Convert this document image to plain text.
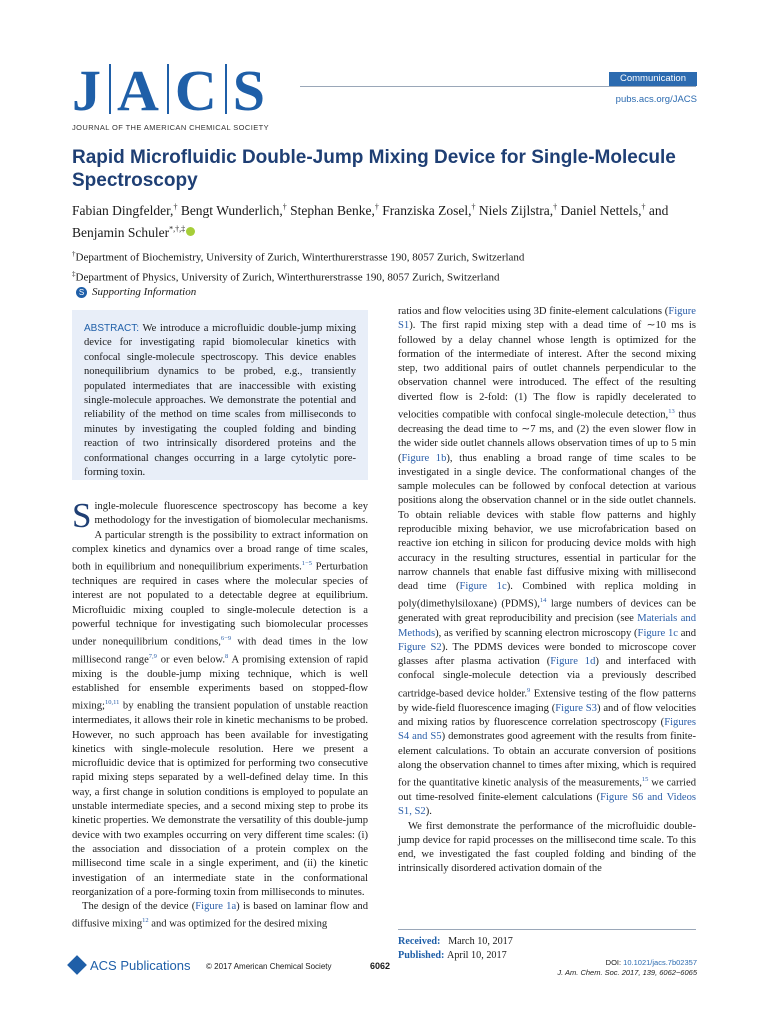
J A C S
JOURNAL OF THE AMERICAN CHEMICAL SOCIETY
Communication
pubs.acs.org/JACS
Rapid Microfluidic Double-Jump Mixing Device for Single-Molecule Spectroscopy
Fabian Dingfelder,† Bengt Wunderlich,† Stephan Benke,† Franziska Zosel,† Niels Zijlstra,† Daniel Nettels,† and Benjamin Schuler*,†,‡
†Department of Biochemistry, University of Zurich, Winterthurerstrasse 190, 8057 Zurich, Switzerland
‡Department of Physics, University of Zurich, Winterthurerstrasse 190, 8057 Zurich, Switzerland
S Supporting Information
ABSTRACT: We introduce a microfluidic double-jump mixing device for investigating rapid biomolecular kinetics with confocal single-molecule spectroscopy. This device enables nonequilibrium dynamics to be probed, e.g., transiently populated intermediates that are inaccessible with existing single-molecule approaches. We demonstrate the potential and reliability of the method on time scales from milliseconds to minutes by investigating the coupled folding and binding reaction of two intrinsically disordered proteins and the conformational changes occurring in a large cytolytic pore-forming toxin.

Single-molecule fluorescence spectroscopy has become a key methodology for the investigation of biomolecular mechanisms. A particular strength is the possibility to extract information on complex kinetics and dynamics over a broad range of time scales, both in equilibrium and nonequilibrium experiments.$^{1-5}$ Perturbation techniques are required in cases where the molecular species of interest are not populated to a detectable degree at equilibrium. Microfluidic mixing coupled to single-molecule detection is a powerful technique for investigating such biomolecular processes under nonequilibrium conditions,$^{6-9}$ with dead times in the low millisecond range$^{7,9}$ or even below.$^8$ A promising extension of rapid mixing is the double-jump mixing technique, which is well established for ensemble experiments based on stopped-flow mixing;$^{10,11}$ by enabling the transient population of unstable reaction intermediates, it allows their role in kinetic mechanisms to be probed. However, no such approach has been available for investigating kinetics with single-molecule resolution. Here we present a microfluidic device that is optimized for performing two consecutive rapid mixing steps separated by a well-defined delay time. In this way, a first change in solution conditions is employed to populate an unstable intermediate species, and a second mixing step to probe its kinetic properties. We demonstrate the versatility of this double-jump device with two examples occurring on very different time scales: (i) the association and dissociation of a protein complex on the millisecond time scale in a single experiment, and (ii) the kinetic investigation of an intermediate state in the conformational reorganization of a pore-forming toxin from milliseconds to minutes.

The design of the device (Figure 1a) is based on laminar flow and diffusive mixing$^{12}$ and was optimized for the desired mixing

ratios and flow velocities using 3D finite-element calculations (Figure S1). The first rapid mixing step with a dead time of ∼10 ms is followed by a delay channel whose length is optimized for the formation of the intermediate of interest. After the second mixing step, two additional pairs of outlet channels perpendicular to the observation channel were introduced. The effect of the resulting diverted flow is 2-fold: (1) The flow is rapidly decelerated to velocities compatible with confocal single-molecule detection,$^{13}$ thus decreasing the dead time to ∼7 ms, and (2) the even slower flow in the wider side outlet channels allows observation times of up to 5 min (Figure 1b), thus enabling a broad range of time scales to be investigated in a single device. The conformational changes of the sample molecules can be followed by confocal detection at various positions along the observation channel or in the side outlet channels. To obtain reliable devices with stable flow patterns and highly reproducible mixing behavior, we use microfabrication based on reactive ion etching in silicon for producing device molds with high accuracy in the resulting structures, essential in particular for the narrow channels that enable fast diffusive mixing with millisecond dead time (Figure 1c). Combined with replica molding in poly(dimethylsiloxane) (PDMS),$^{14}$ large numbers of devices can be generated with great reproducibility and precision (see Materials and Methods), as verified by scanning electron microscopy (Figure 1c and Figure S2). The PDMS devices were bonded to microscope cover glasses after plasma activation (Figure 1d) and interfaced with confocal single-molecule detection via a previously described cartridge-based device holder.$^9$ Extensive testing of the flow patterns by wide-field fluorescence imaging (Figure S3) and of flow velocities and mixing ratios by fluorescence correlation spectroscopy (Figures S4 and S5) demonstrates good agreement with the results from finite-element calculations. To obtain an accurate conversion of positions along the observation channel to times after mixing, which is required for the quantitative kinetic analysis of the measurements,$^{15}$ we carried out time-resolved finite-element calculations (Figure S6 and Videos S1, S2).

We first demonstrate the performance of the microfluidic double-jump device for rapid processes on the millisecond time scale. To this end, we investigated the fast coupled folding and binding of the intrinsically disordered activation domain of the

Received: March 10, 2017
Published: April 10, 2017
ACS Publications © 2017 American Chemical Society	6062	DOI: 10.1021/jacs.7b02357
J. Am. Chem. Soc. 2017, 139, 6062−6065
